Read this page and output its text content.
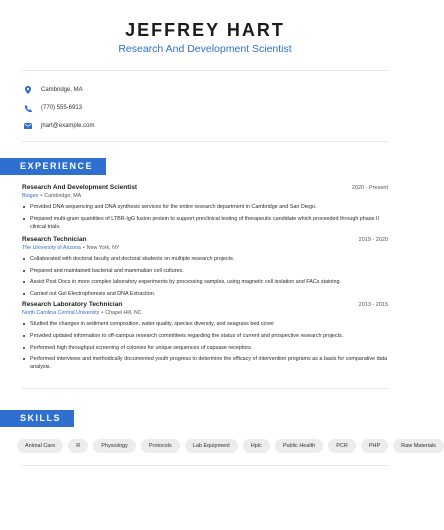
JEFFREY HART
Research And Development Scientist
Cambridge, MA
(770) 555-6913
jhart@example.com
EXPERIENCE
Research And Development Scientist	2020 - Present
Biogen • Cambridge, MA
Provided DNA sequencing and DNA synthesis services for the entire research department in Cambridge and San Diego.
Prepared multi-gram quantities of LTBR-IgG fusion protein to support preclinical testing of therapeutic candidate which proceeded through phase II clinical trials.
Research Technician	2019 - 2020
The University of Arizona • New York, NY
Collaborated with doctoral faculty and doctoral students on multiple research projects.
Prepared and maintained bacterial and mammalian cell cultures.
Assist Post Docs in more complex laboratory experiments by processing samples, using magnetic cell isolation and FACs staining.
Carried out Gel Electrophoresis and DNA Extraction.
Research Laboratory Technician	2013 - 2015
North Carolina Central University • Chapel Hill, NC
Studied the changes in sediment composition, water quality, species diversity, and seagrass bed cover
Provided updated information to off-campus research committees regarding the status of current and prospective research projects.
Performed high throughput screening of colonies for unique sequences of capsase receptors.
Performed interviews and methodically documented youth progress to determine the efficacy of intervention programs as a basis for comparative data analysis.
SKILLS
Animal Care	R	Physiology	Protocols	Lab Equipment	Hplc	Public Health	PCR	PHP	Raw Materials
